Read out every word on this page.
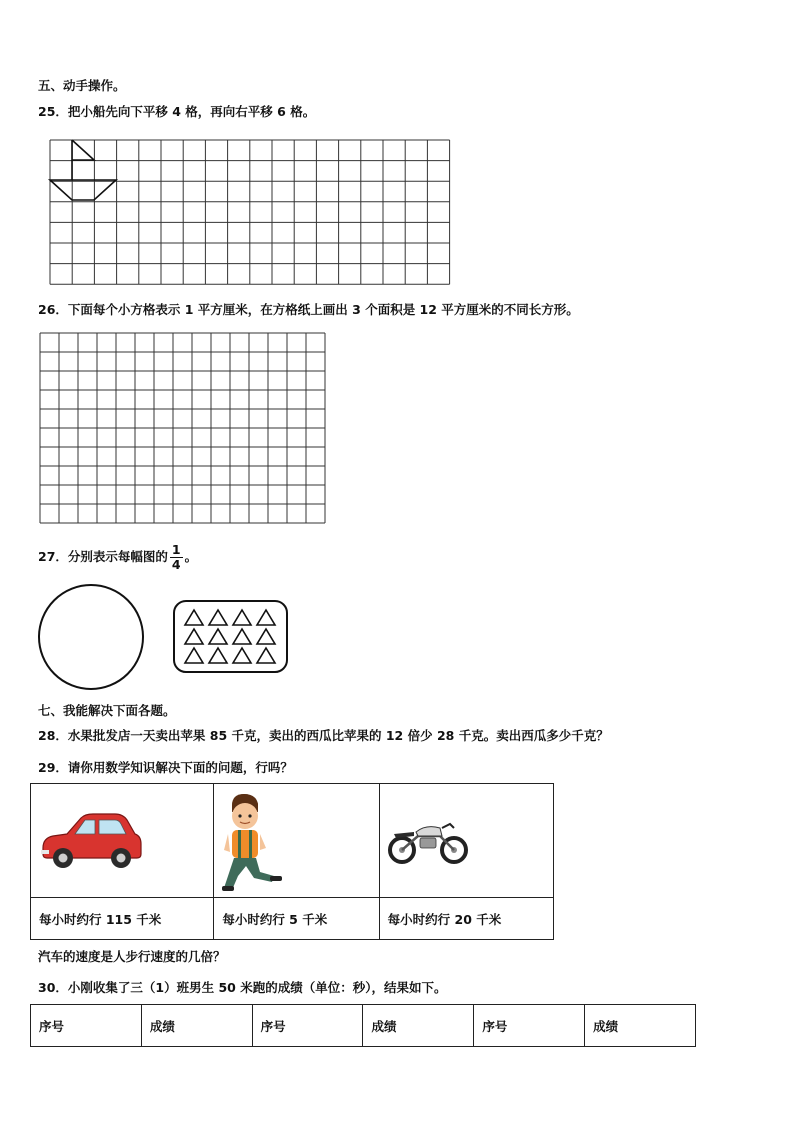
五、动手操作。
25．把小船先向下平移 4 格，再向右平移 6 格。
26．下面每个小方格表示 1 平方厘米，在方格纸上画出 3 个面积是 12 平方厘米的不同长方形。
27．分别表示每幅图的 $\frac{1}{4}$ 。
七、我能解决下面各题。
28．水果批发店一天卖出苹果 85 千克，卖出的西瓜比苹果的 12 倍少 28 千克。卖出西瓜多少千克？
29．请你用数学知识解决下面的问题，行吗？

每小时约行 115 千米	每小时约行 5 千米	每小时约行 20 千米
汽车的速度是人步行速度的几倍？
30．小刚收集了三（1）班男生 50 米跑的成绩（单位：秒），结果如下。
序号	成绩	序号	成绩	序号	成绩
